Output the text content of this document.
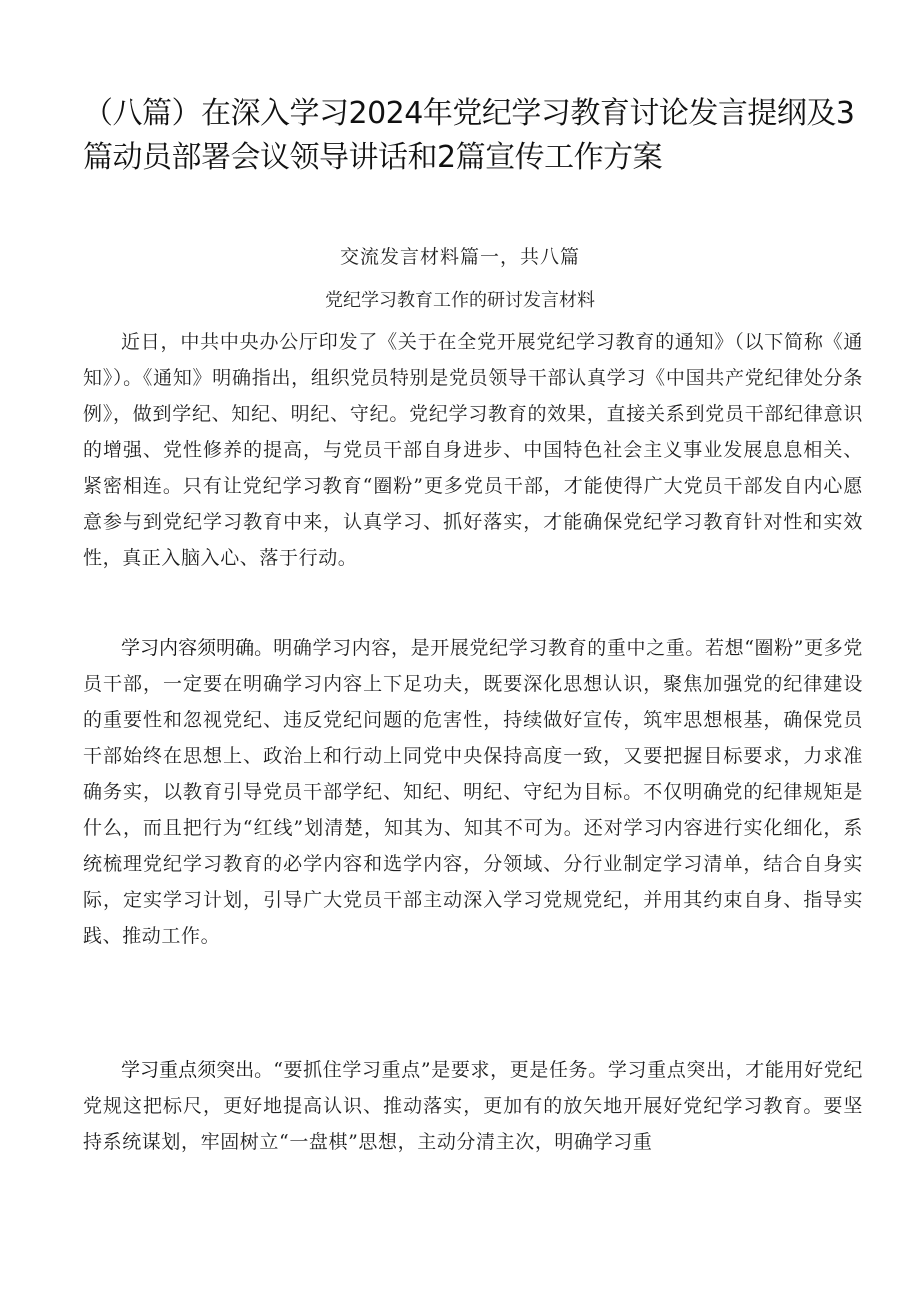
（八篇）在深入学习2024年党纪学习教育讨论发言提纲及3篇动员部署会议领导讲话和2篇宣传工作方案

交流发言材料篇一，共八篇

党纪学习教育工作的研讨发言材料

近日，中共中央办公厅印发了《关于在全党开展党纪学习教育的通知》（以下简称《通知》）。《通知》明确指出，组织党员特别是党员领导干部认真学习《中国共产党纪律处分条例》，做到学纪、知纪、明纪、守纪。党纪学习教育的效果，直接关系到党员干部纪律意识的增强、党性修养的提高，与党员干部自身进步、中国特色社会主义事业发展息息相关、紧密相连。只有让党纪学习教育“圈粉”更多党员干部，才能使得广大党员干部发自内心愿意参与到党纪学习教育中来，认真学习、抓好落实，才能确保党纪学习教育针对性和实效性，真正入脑入心、落于行动。

学习内容须明确。明确学习内容，是开展党纪学习教育的重中之重。若想“圈粉”更多党员干部，一定要在明确学习内容上下足功夫，既要深化思想认识，聚焦加强党的纪律建设的重要性和忽视党纪、违反党纪问题的危害性，持续做好宣传，筑牢思想根基，确保党员干部始终在思想上、政治上和行动上同党中央保持高度一致，又要把握目标要求，力求准确务实，以教育引导党员干部学纪、知纪、明纪、守纪为目标。不仅明确党的纪律规矩是什么，而且把行为“红线”划清楚，知其为、知其不可为。还对学习内容进行实化细化，系统梳理党纪学习教育的必学内容和选学内容，分领域、分行业制定学习清单，结合自身实际，定实学习计划，引导广大党员干部主动深入学习党规党纪，并用其约束自身、指导实践、推动工作。

学习重点须突出。“要抓住学习重点”是要求，更是任务。学习重点突出，才能用好党纪党规这把标尺，更好地提高认识、推动落实，更加有的放矢地开展好党纪学习教育。要坚持系统谋划，牢固树立“一盘棋”思想，主动分清主次，明确学习重
